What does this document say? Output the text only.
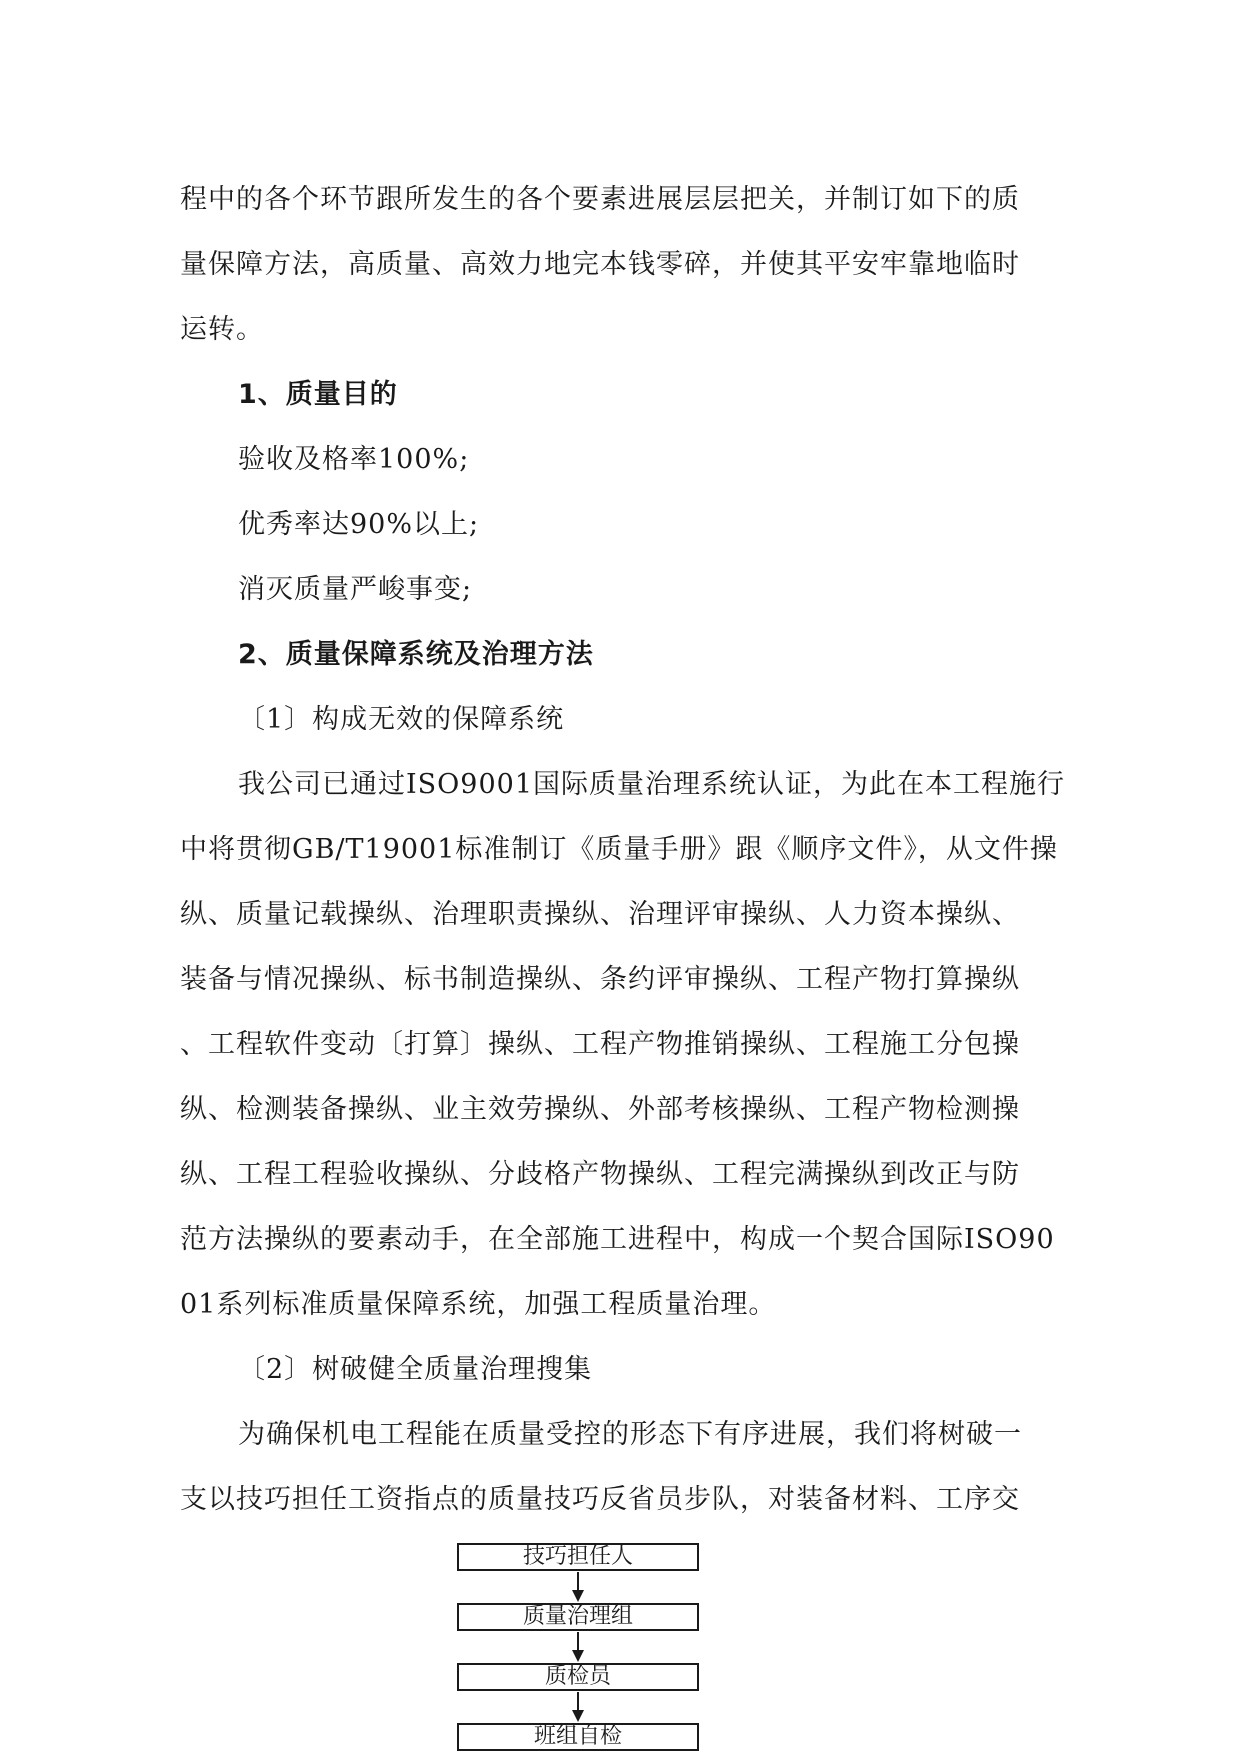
程中的各个环节跟所发生的各个要素进展层层把关，并制订如下的质
量保障方法，高质量、高效力地完本钱零碎，并使其平安牢靠地临时
运转。
1、质量目的
验收及格率100%;
优秀率达90%以上;
消灭质量严峻事变;
2、质量保障系统及治理方法
〔1〕构成无效的保障系统
我公司已通过ISO9001国际质量治理系统认证，为此在本工程施行
中将贯彻GB/T19001标准制订《质量手册》跟《顺序文件》，从文件操
纵、质量记载操纵、治理职责操纵、治理评审操纵、人力资本操纵、
装备与情况操纵、标书制造操纵、条约评审操纵、工程产物打算操纵
、工程软件变动〔打算〕操纵、工程产物推销操纵、工程施工分包操
纵、检测装备操纵、业主效劳操纵、外部考核操纵、工程产物检测操
纵、工程工程验收操纵、分歧格产物操纵、工程完满操纵到改正与防
范方法操纵的要素动手，在全部施工进程中，构成一个契合国际ISO90
01系列标准质量保障系统，加强工程质量治理。
〔2〕树破健全质量治理搜集
为确保机电工程能在质量受控的形态下有序进展，我们将树破一
支以技巧担任工资指点的质量技巧反省员步队，对装备材料、工序交
技巧担任人
质量治理组
质检员
班组自检
